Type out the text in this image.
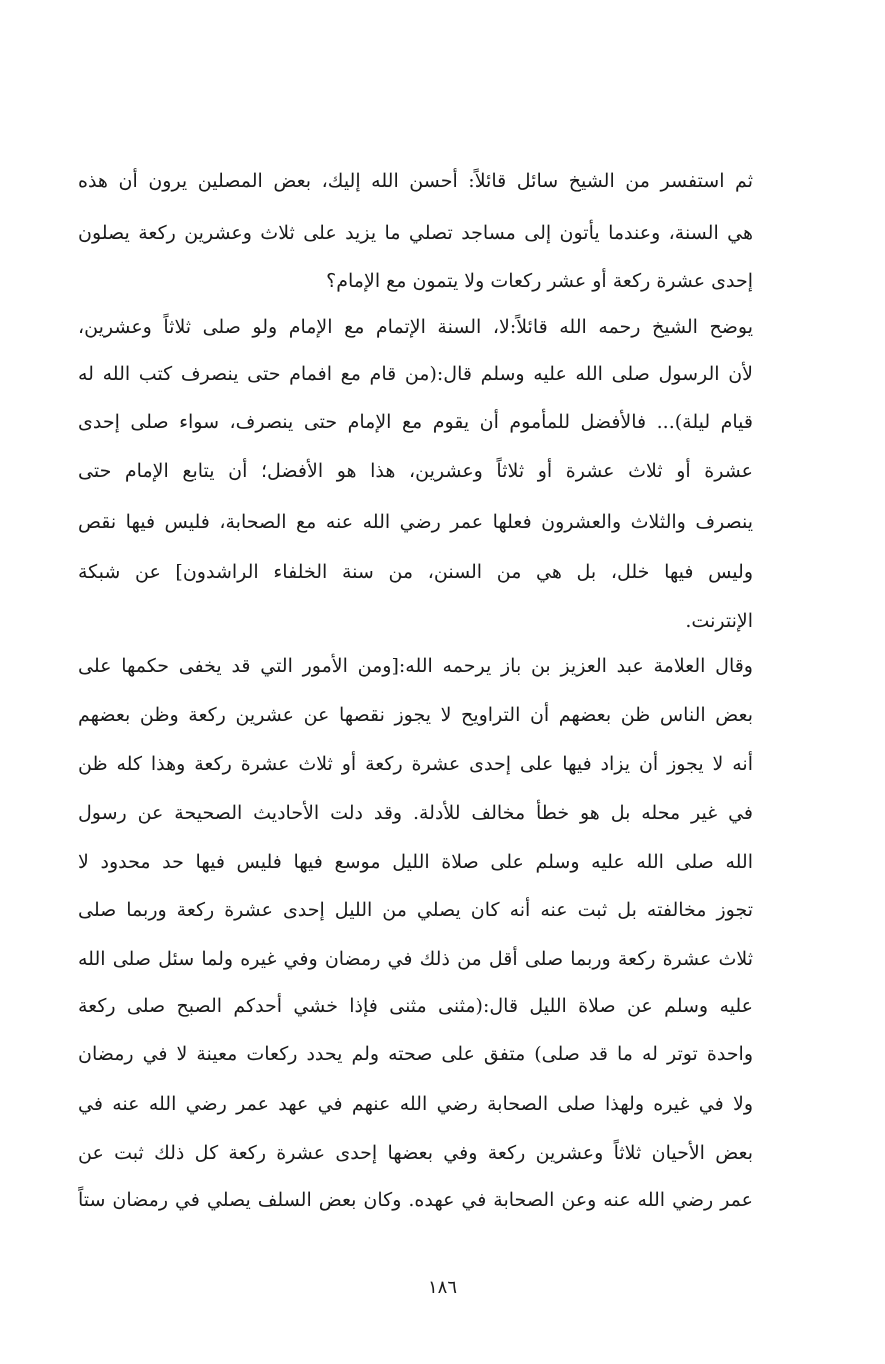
ثم استفسر من الشيخ سائل قائلاً: أحسن الله إليك، بعض المصلين يرون أن هذه
هي السنة، وعندما يأتون إلى مساجد تصلي ما يزيد على ثلاث وعشرين ركعة يصلون
إحدى عشرة ركعة أو عشر ركعات ولا يتمون مع الإمام؟
يوضح الشيخ رحمه الله قائلاً:لا، السنة الإتمام مع الإمام ولو صلى ثلاثاً وعشرين،
لأن الرسول صلى الله عليه وسلم قال:(من قام مع افمام حتى ينصرف كتب الله له
قيام ليلة)... فالأفضل للمأموم أن يقوم مع الإمام حتى ينصرف، سواء صلى إحدى
عشرة أو ثلاث عشرة أو ثلاثاً وعشرين، هذا هو الأفضل؛ أن يتابع الإمام حتى
ينصرف والثلاث والعشرون فعلها عمر رضي الله عنه مع الصحابة، فليس فيها نقص
وليس فيها خلل، بل هي من السنن، من سنة الخلفاء الراشدون] عن شبكة
الإنترنت.
وقال العلامة عبد العزيز بن باز يرحمه الله:[ومن الأمور التي قد يخفى حكمها على
بعض الناس ظن بعضهم أن التراويح لا يجوز نقصها عن عشرين ركعة وظن بعضهم
أنه لا يجوز أن يزاد فيها على إحدى عشرة ركعة أو ثلاث عشرة ركعة وهذا كله ظن
في غير محله بل هو خطأ مخالف للأدلة. وقد دلت الأحاديث الصحيحة عن رسول
الله صلى الله عليه وسلم على صلاة الليل موسع فيها فليس فيها حد محدود لا
تجوز مخالفته بل ثبت عنه أنه كان يصلي من الليل إحدى عشرة ركعة وربما صلى
ثلاث عشرة ركعة وربما صلى أقل من ذلك في رمضان وفي غيره ولما سئل صلى الله
عليه وسلم عن صلاة الليل قال:(مثنى مثنى فإذا خشي أحدكم الصبح صلى ركعة
واحدة توتر له ما قد صلى) متفق على صحته ولم يحدد ركعات معينة لا في رمضان
ولا في غيره ولهذا صلى الصحابة رضي الله عنهم في عهد عمر رضي الله عنه في
بعض الأحيان ثلاثاً وعشرين ركعة وفي بعضها إحدى عشرة ركعة كل ذلك ثبت عن
عمر رضي الله عنه وعن الصحابة في عهده. وكان بعض السلف يصلي في رمضان ستاً
١٨٦
